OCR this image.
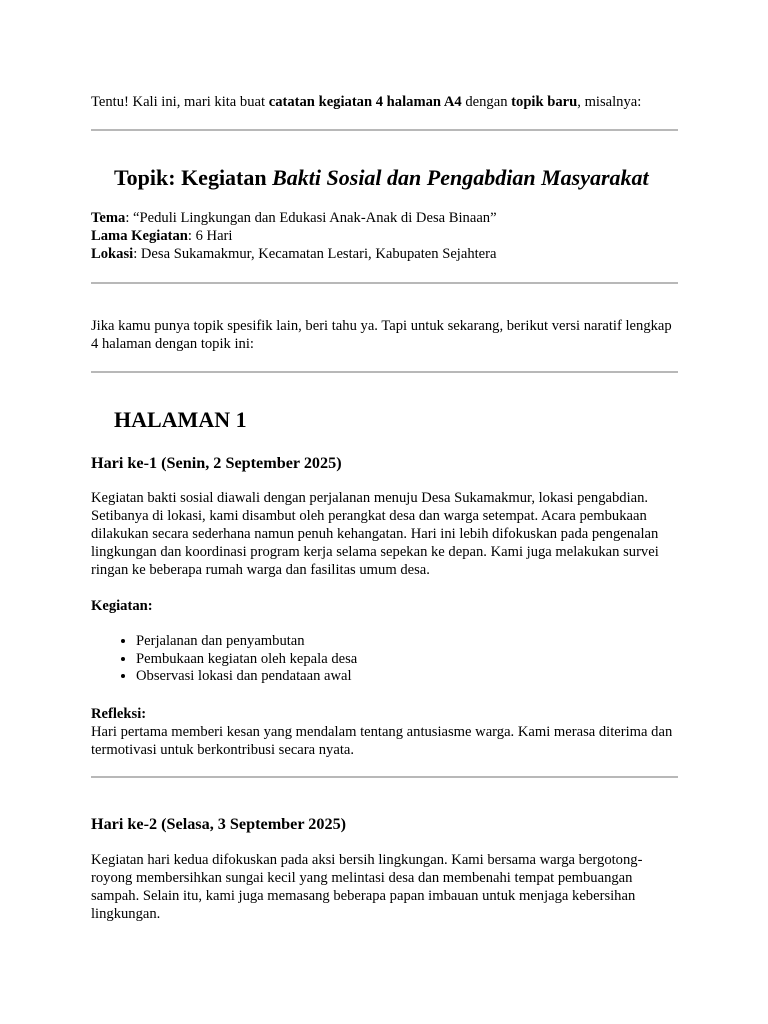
Tentu! Kali ini, mari kita buat catatan kegiatan 4 halaman A4 dengan topik baru, misalnya:

Topik: Kegiatan Bakti Sosial dan Pengabdian Masyarakat
Tema: “Peduli Lingkungan dan Edukasi Anak-Anak di Desa Binaan”
Lama Kegiatan: 6 Hari
Lokasi: Desa Sukamakmur, Kecamatan Lestari, Kabupaten Sejahtera

Jika kamu punya topik spesifik lain, beri tahu ya. Tapi untuk sekarang, berikut versi naratif lengkap 4 halaman dengan topik ini:

HALAMAN 1
Hari ke-1 (Senin, 2 September 2025)

Kegiatan bakti sosial diawali dengan perjalanan menuju Desa Sukamakmur, lokasi pengabdian. Setibanya di lokasi, kami disambut oleh perangkat desa dan warga setempat. Acara pembukaan dilakukan secara sederhana namun penuh kehangatan. Hari ini lebih difokuskan pada pengenalan lingkungan dan koordinasi program kerja selama sepekan ke depan. Kami juga melakukan survei ringan ke beberapa rumah warga dan fasilitas umum desa.

Kegiatan:

• Perjalanan dan penyambutan
• Pembukaan kegiatan oleh kepala desa
• Observasi lokasi dan pendataan awal

Refleksi:

Hari pertama memberi kesan yang mendalam tentang antusiasme warga. Kami merasa diterima dan termotivasi untuk berkontribusi secara nyata.

Hari ke-2 (Selasa, 3 September 2025)

Kegiatan hari kedua difokuskan pada aksi bersih lingkungan. Kami bersama warga bergotong-royong membersihkan sungai kecil yang melintasi desa dan membenahi tempat pembuangan sampah. Selain itu, kami juga memasang beberapa papan imbauan untuk menjaga kebersihan lingkungan.
